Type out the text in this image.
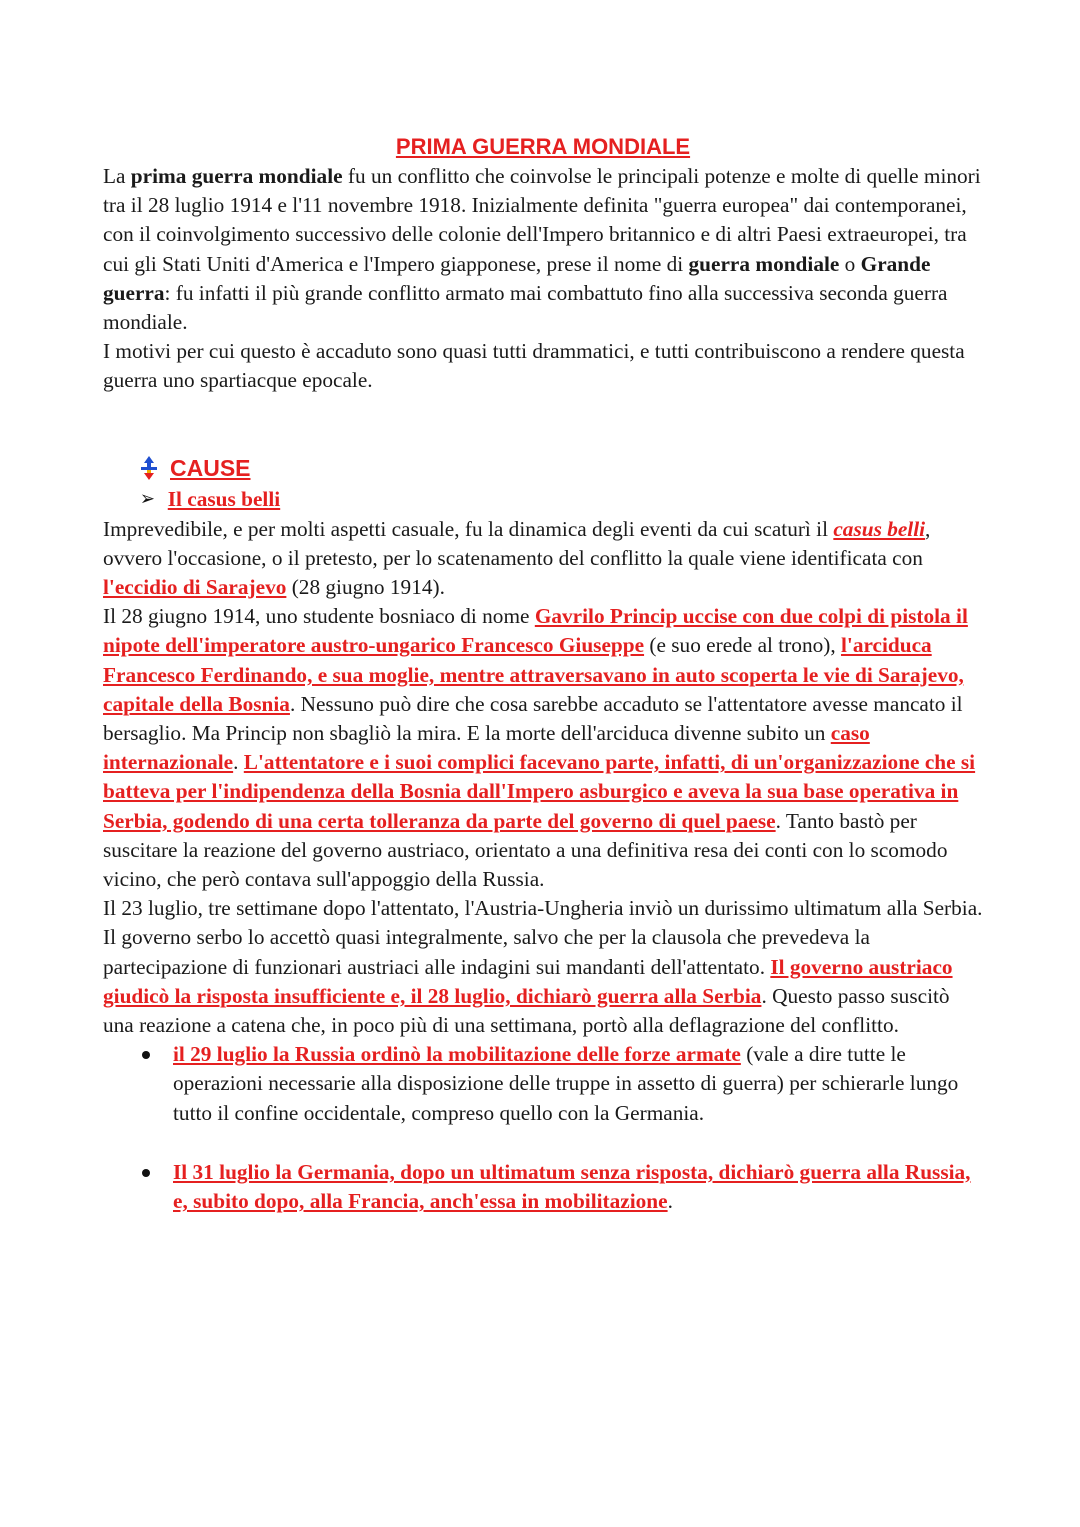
PRIMA GUERRA MONDIALE

La prima guerra mondiale fu un conflitto che coinvolse le principali potenze e molte di quelle minori tra il 28 luglio 1914 e l'11 novembre 1918. Inizialmente definita "guerra europea" dai contemporanei, con il coinvolgimento successivo delle colonie dell'Impero britannico e di altri Paesi extraeuropei, tra cui gli Stati Uniti d'America e l'Impero giapponese, prese il nome di guerra mondiale o Grande guerra: fu infatti il più grande conflitto armato mai combattuto fino alla successiva seconda guerra mondiale.

I motivi per cui questo è accaduto sono quasi tutti drammatici, e tutti contribuiscono a rendere questa guerra uno spartiacque epocale.

CAUSE
➢ Il casus belli

Imprevedibile, e per molti aspetti casuale, fu la dinamica degli eventi da cui scaturì il casus belli, ovvero l'occasione, o il pretesto, per lo scatenamento del conflitto la quale viene identificata con l'eccidio di Sarajevo (28 giugno 1914).

Il 28 giugno 1914, uno studente bosniaco di nome Gavrilo Princip uccise con due colpi di pistola il nipote dell'imperatore austro-ungarico Francesco Giuseppe (e suo erede al trono), l'arciduca Francesco Ferdinando, e sua moglie, mentre attraversavano in auto scoperta le vie di Sarajevo, capitale della Bosnia. Nessuno può dire che cosa sarebbe accaduto se l'attentatore avesse mancato il bersaglio. Ma Princip non sbagliò la mira. E la morte dell'arciduca divenne subito un caso internazionale. L'attentatore e i suoi complici facevano parte, infatti, di un'organizzazione che si batteva per l'indipendenza della Bosnia dall'Impero asburgico e aveva la sua base operativa in Serbia, godendo di una certa tolleranza da parte del governo di quel paese. Tanto bastò per suscitare la reazione del governo austriaco, orientato a una definitiva resa dei conti con lo scomodo vicino, che però contava sull'appoggio della Russia.

Il 23 luglio, tre settimane dopo l'attentato, l'Austria-Ungheria inviò un durissimo ultimatum alla Serbia. Il governo serbo lo accettò quasi integralmente, salvo che per la clausola che prevedeva la partecipazione di funzionari austriaci alle indagini sui mandanti dell'attentato. Il governo austriaco giudicò la risposta insufficiente e, il 28 luglio, dichiarò guerra alla Serbia. Questo passo suscitò una reazione a catena che, in poco più di una settimana, portò alla deflagrazione del conflitto.

il 29 luglio la Russia ordinò la mobilitazione delle forze armate (vale a dire tutte le operazioni necessarie alla disposizione delle truppe in assetto di guerra) per schierarle lungo tutto il confine occidentale, compreso quello con la Germania.
Il 31 luglio la Germania, dopo un ultimatum senza risposta, dichiarò guerra alla Russia, e, subito dopo, alla Francia, anch'essa in mobilitazione.
